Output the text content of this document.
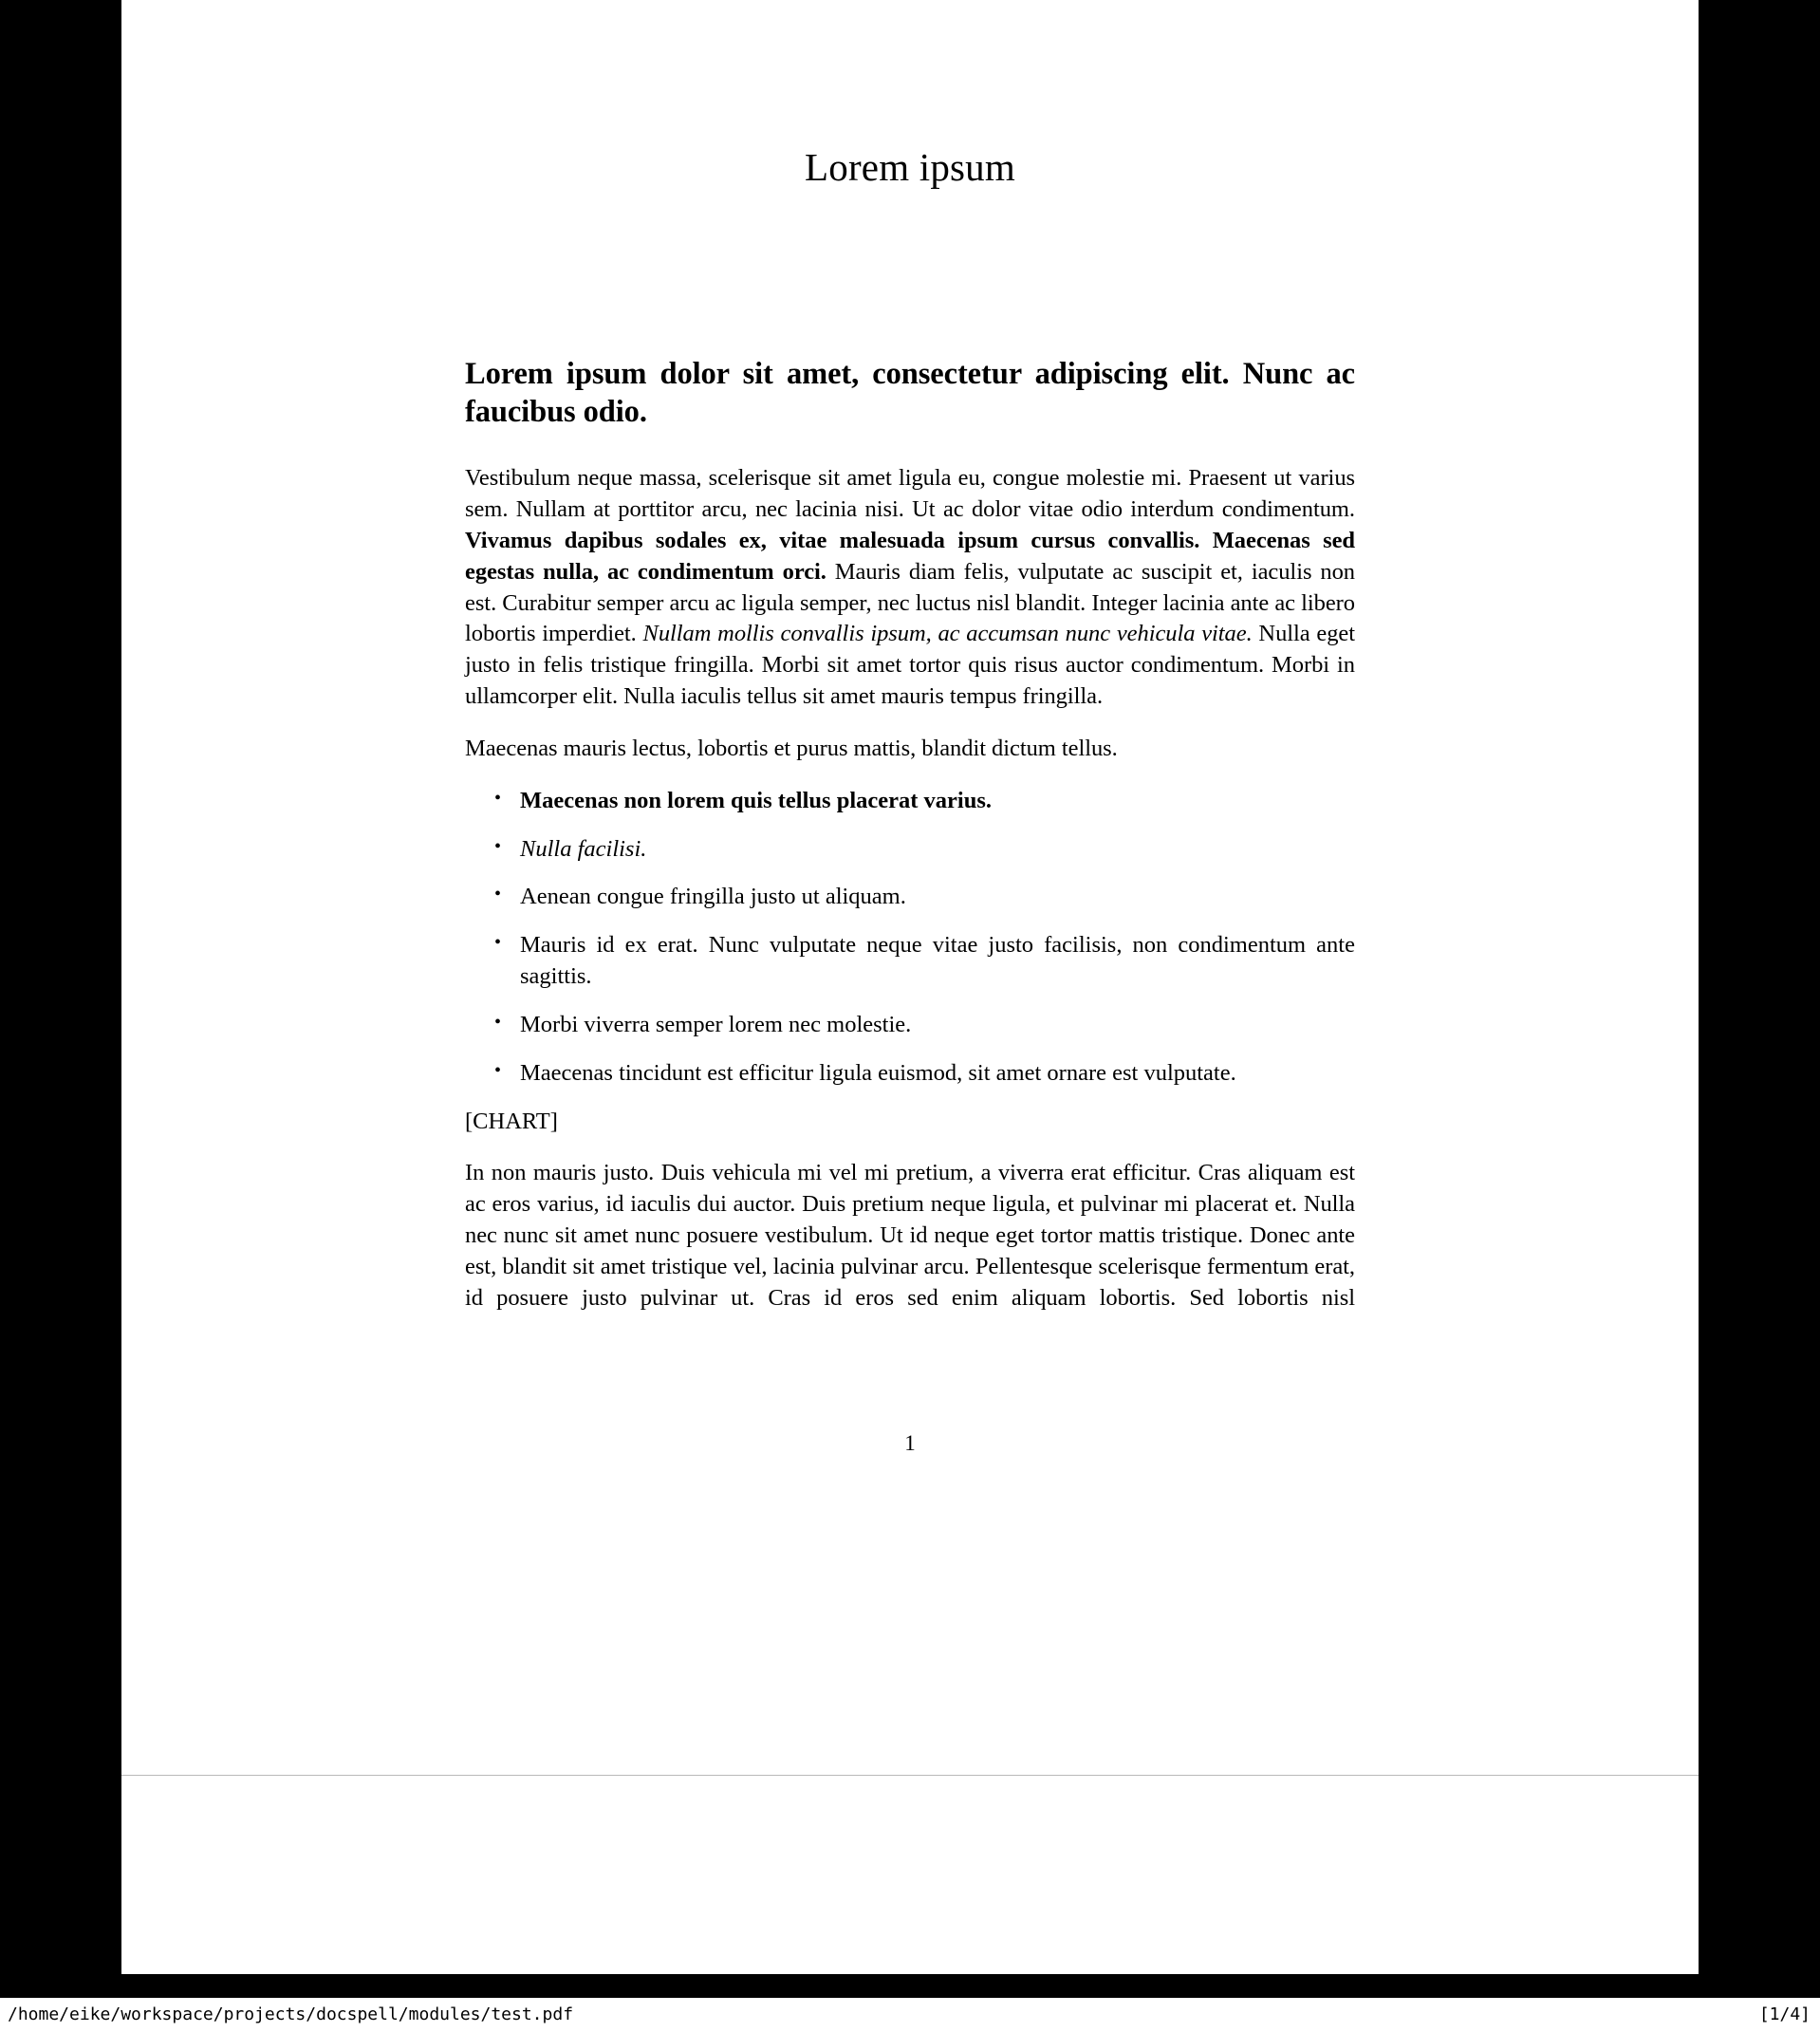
Lorem ipsum
Lorem ipsum dolor sit amet, consectetur adipiscing elit. Nunc ac faucibus odio.

Vestibulum neque massa, scelerisque sit amet ligula eu, congue molestie mi. Praesent ut varius sem. Nullam at porttitor arcu, nec lacinia nisi. Ut ac dolor vitae odio interdum condimentum. Vivamus dapibus sodales ex, vitae malesuada ipsum cursus convallis. Maecenas sed egestas nulla, ac condimentum orci. Mauris diam felis, vulputate ac suscipit et, iaculis non est. Curabitur semper arcu ac ligula semper, nec luctus nisl blandit. Integer lacinia ante ac libero lobortis imperdiet. Nullam mollis convallis ipsum, ac accumsan nunc vehicula vitae. Nulla eget justo in felis tristique fringilla. Morbi sit amet tortor quis risus auctor condimentum. Morbi in ullamcorper elit. Nulla iaculis tellus sit amet mauris tempus fringilla.

Maecenas mauris lectus, lobortis et purus mattis, blandit dictum tellus.

• Maecenas non lorem quis tellus placerat varius.
• Nulla facilisi.
• Aenean congue fringilla justo ut aliquam.
• Mauris id ex erat. Nunc vulputate neque vitae justo facilisis, non condimentum ante sagittis.
• Morbi viverra semper lorem nec molestie.
• Maecenas tincidunt est efficitur ligula euismod, sit amet ornare est vulputate.

[CHART]

In non mauris justo. Duis vehicula mi vel mi pretium, a viverra erat efficitur. Cras aliquam est ac eros varius, id iaculis dui auctor. Duis pretium neque ligula, et pulvinar mi placerat et. Nulla nec nunc sit amet nunc posuere vestibulum. Ut id neque eget tortor mattis tristique. Donec ante est, blandit sit amet tristique vel, lacinia pulvinar arcu. Pellentesque scelerisque fermentum erat, id posuere justo pulvinar ut. Cras id eros sed enim aliquam lobortis. Sed lobortis nisl

1
/home/eike/workspace/projects/docspell/modules/test.pdf	[1/4]
